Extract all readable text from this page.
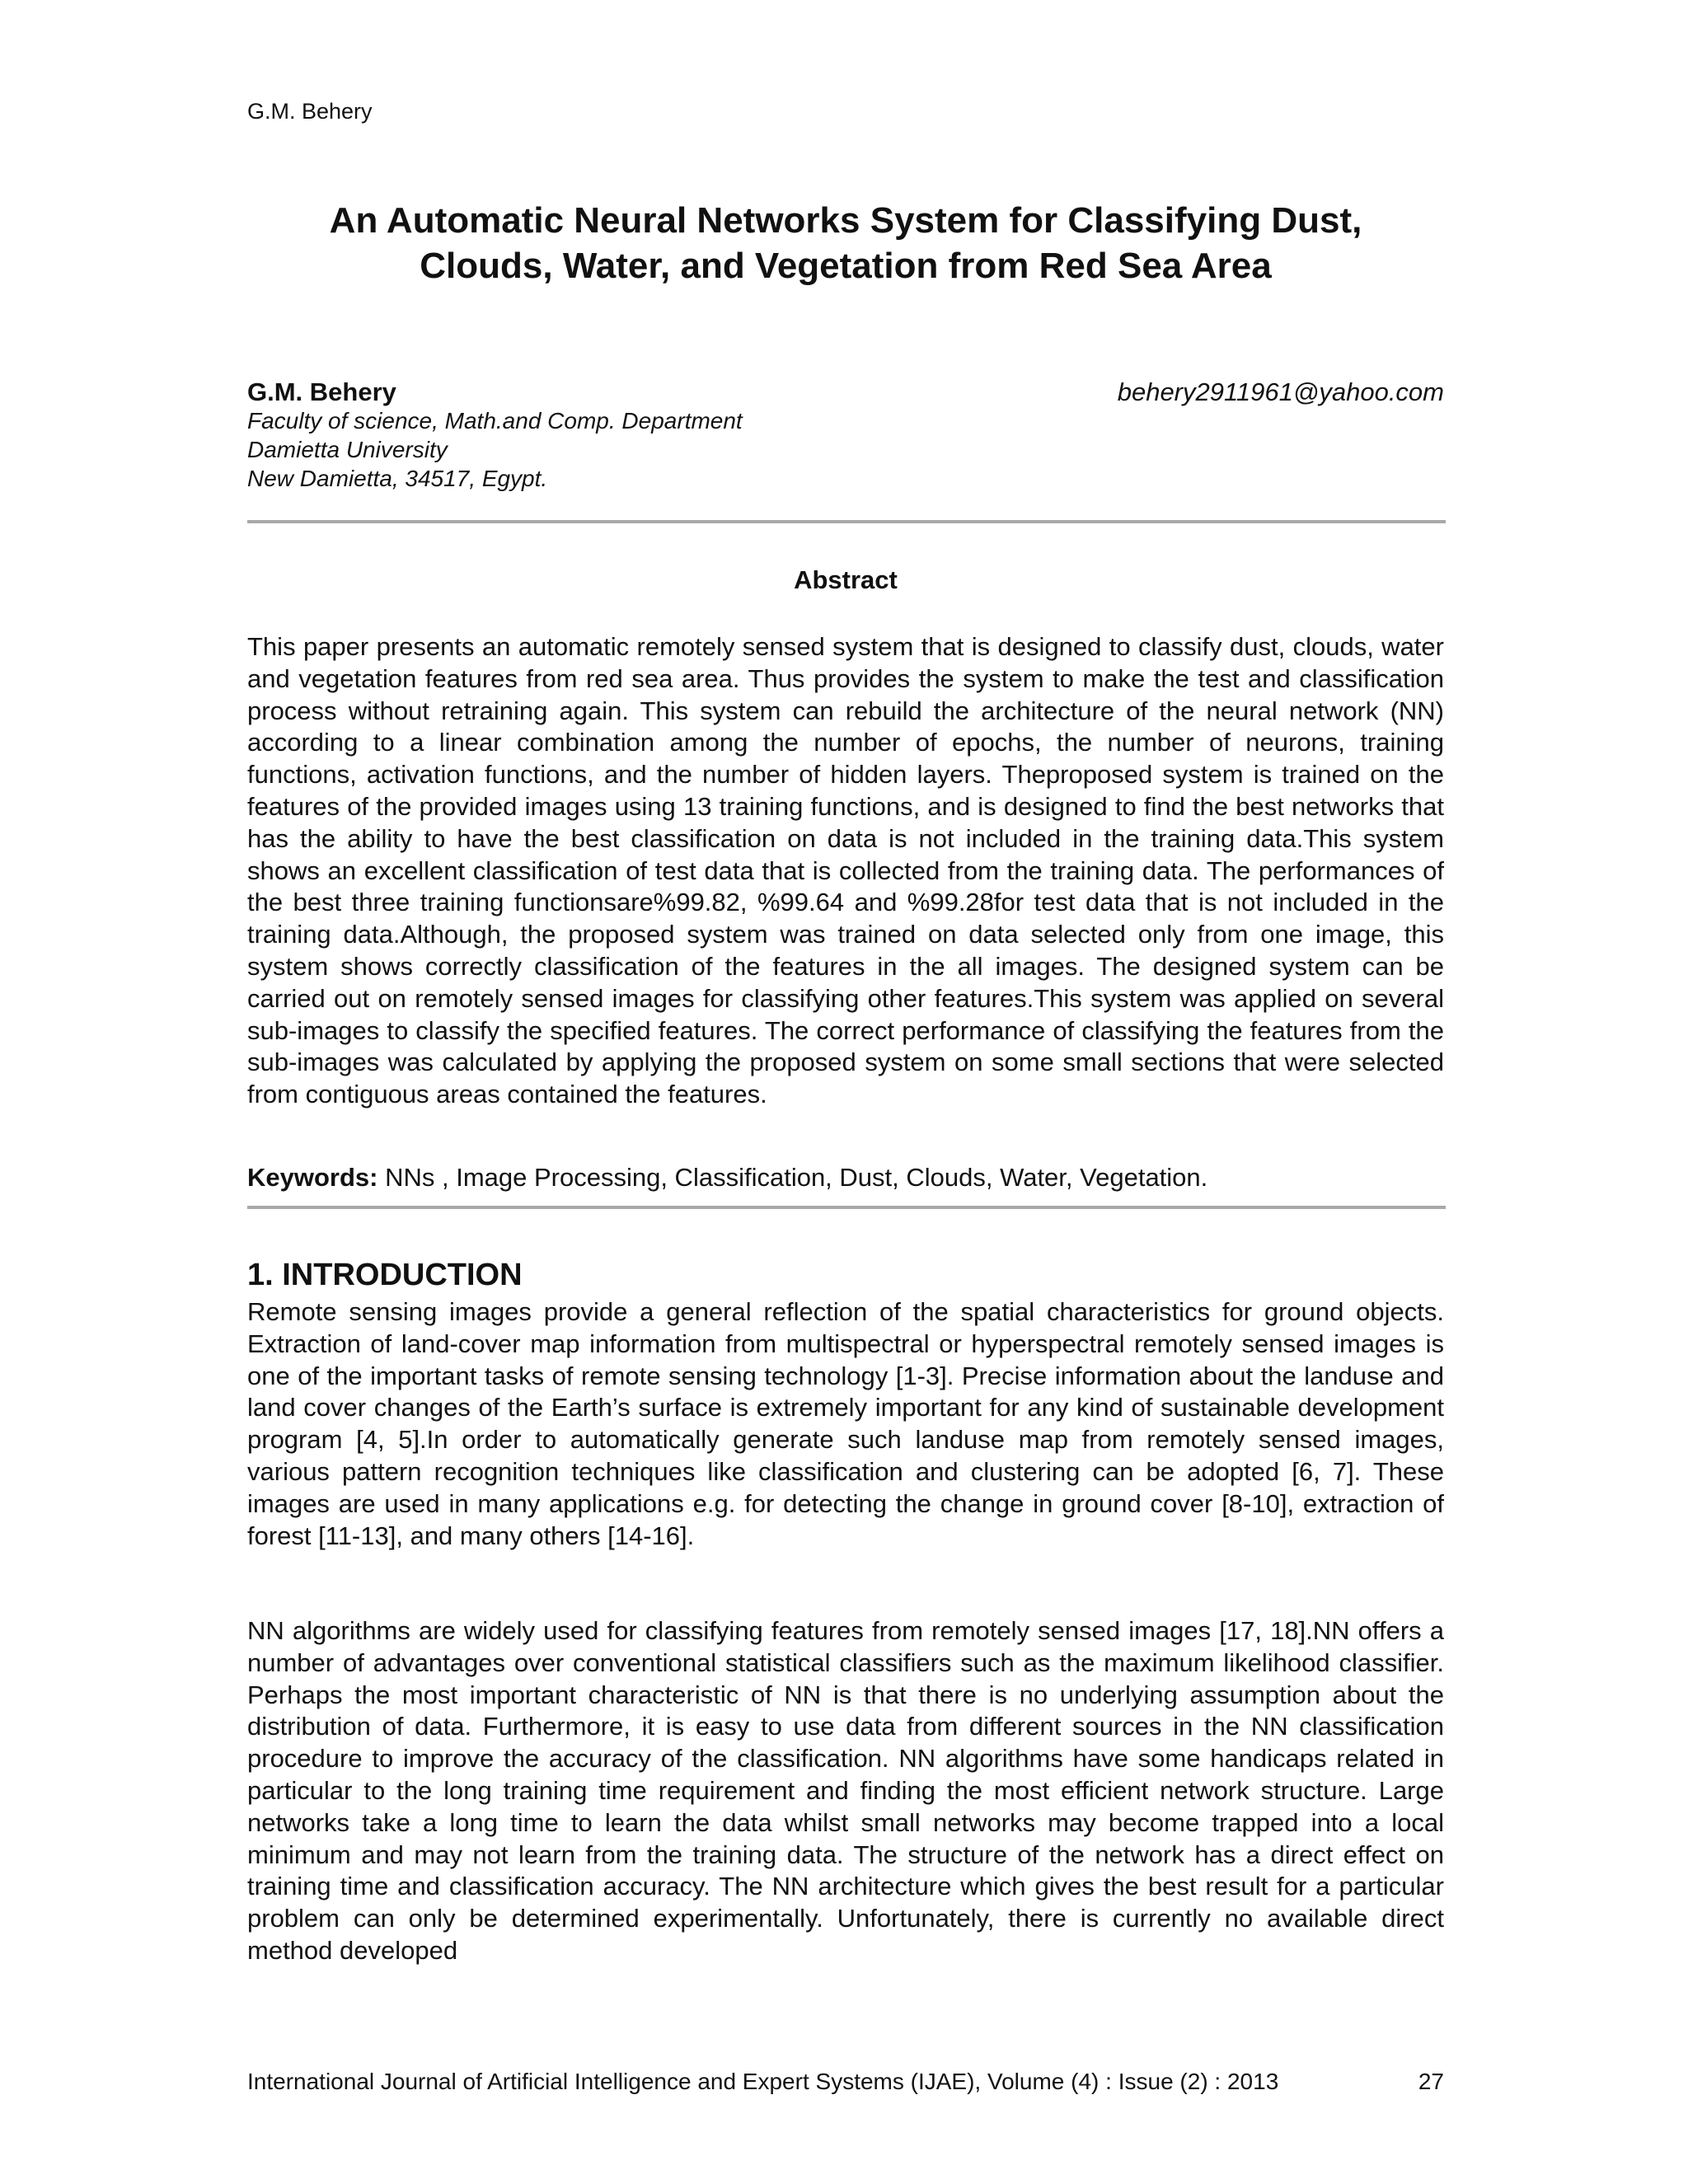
G.M. Behery
An Automatic Neural Networks System for Classifying Dust,
Clouds, Water, and Vegetation from Red Sea Area
G.M. Behery
Faculty of science, Math.and Comp. Department
Damietta University
New Damietta, 34517, Egypt.
behery2911961@yahoo.com
Abstract

This paper presents an automatic remotely sensed system that is designed to classify dust, clouds, water and vegetation features from red sea area. Thus provides the system to make the test and classification process without retraining again. This system can rebuild the architecture of the neural network (NN) according to a linear combination among the number of epochs, the number of neurons, training functions, activation functions, and the number of hidden layers. Theproposed system is trained on the features of the provided images using 13 training functions, and is designed to find the best networks that has the ability to have the best classification on data is not included in the training data.This system shows an excellent classification of test data that is collected from the training data. The performances of the best three training functionsare%99.82, %99.64 and %99.28for test data that is not included in the training data.Although, the proposed system was trained on data selected only from one image, this system shows correctly classification of the features in the all images. The designed system can be carried out on remotely sensed images for classifying other features.This system was applied on several sub-images to classify the specified features. The correct performance of classifying the features from the sub-images was calculated by applying the proposed system on some small sections that were selected from contiguous areas contained the features.

Keywords: NNs , Image Processing, Classification, Dust, Clouds, Water, Vegetation.
1. INTRODUCTION

Remote sensing images provide a general reflection of the spatial characteristics for ground objects. Extraction of land-cover map information from multispectral or hyperspectral remotely sensed images is one of the important tasks of remote sensing technology [1-3]. Precise information about the landuse and land cover changes of the Earth’s surface is extremely important for any kind of sustainable development program [4, 5].In order to automatically generate such landuse map from remotely sensed images, various pattern recognition techniques like classification and clustering can be adopted [6, 7]. These images are used in many applications e.g. for detecting the change in ground cover [8-10], extraction of forest [11-13], and many others [14-16].

NN algorithms are widely used for classifying features from remotely sensed images [17, 18].NN offers a number of advantages over conventional statistical classifiers such as the maximum likelihood classifier. Perhaps the most important characteristic of NN is that there is no underlying assumption about the distribution of data. Furthermore, it is easy to use data from different sources in the NN classification procedure to improve the accuracy of the classification. NN algorithms have some handicaps related in particular to the long training time requirement and finding the most efficient network structure. Large networks take a long time to learn the data whilst small networks may become trapped into a local minimum and may not learn from the training data. The structure of the network has a direct effect on training time and classification accuracy. The NN architecture which gives the best result for a particular problem can only be determined experimentally. Unfortunately, there is currently no available direct method developed

International Journal of Artificial Intelligence and Expert Systems (IJAE), Volume (4) : Issue (2) : 2013	27
